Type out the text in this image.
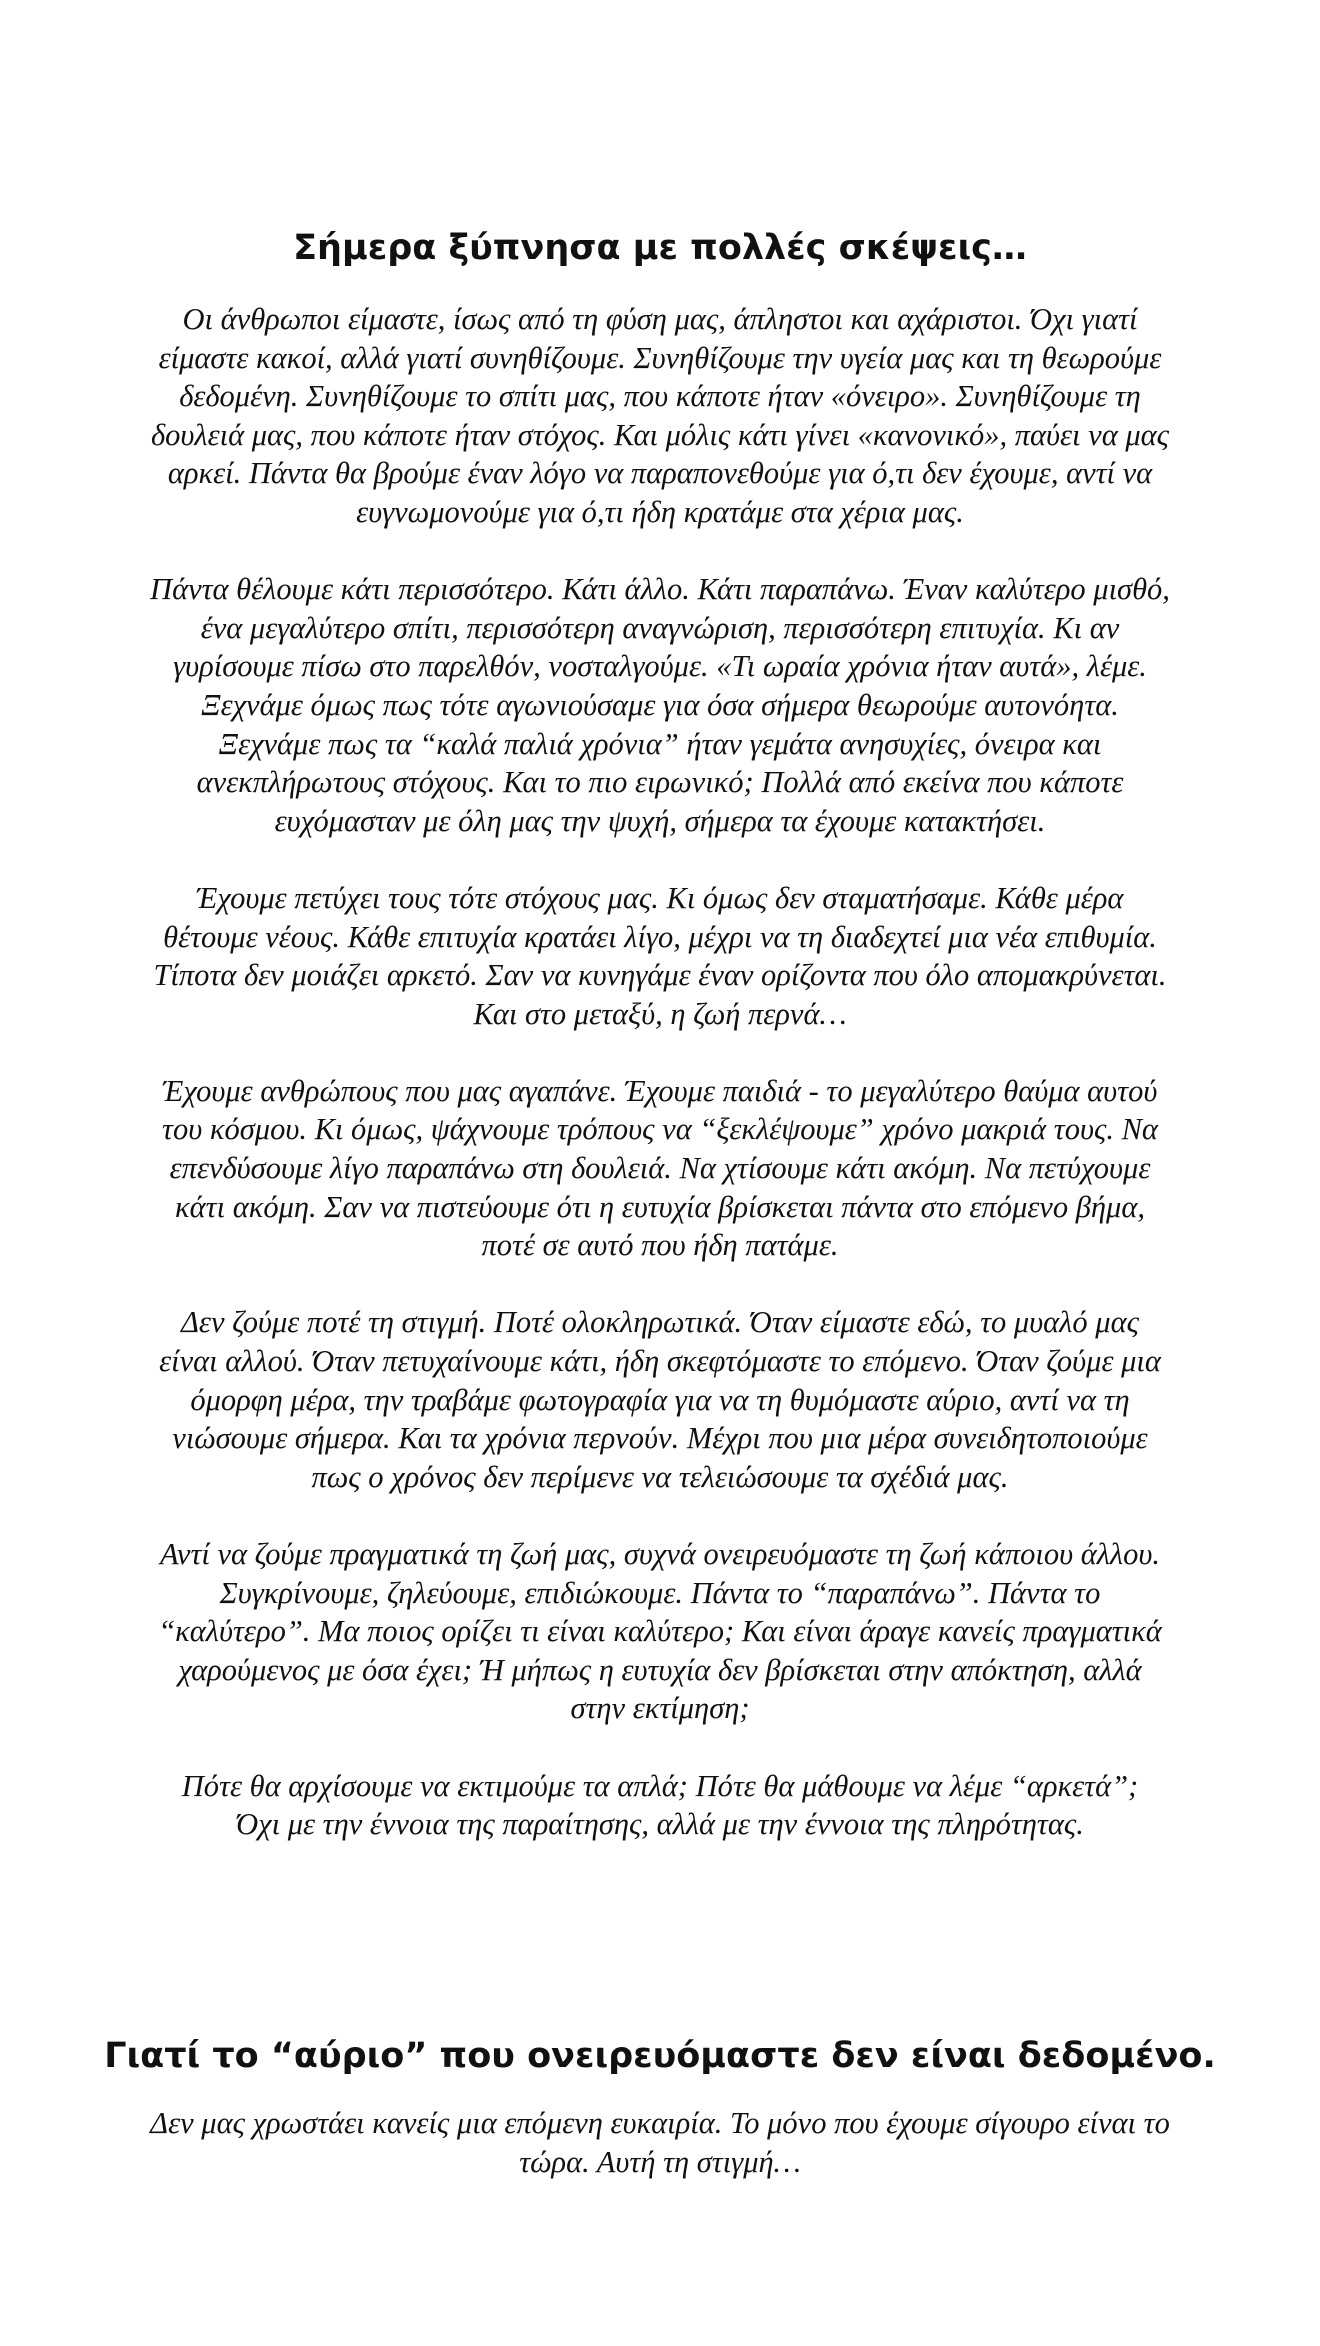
Σήμερα ξύπνησα με πολλές σκέψεις…

Οι άνθρωποι είμαστε, ίσως από τη φύση μας, άπληστοι και αχάριστοι. Όχι γιατί είμαστε κακοί, αλλά γιατί συνηθίζουμε. Συνηθίζουμε την υγεία μας και τη θεωρούμε δεδομένη. Συνηθίζουμε το σπίτι μας, που κάποτε ήταν «όνειρο». Συνηθίζουμε τη δουλειά μας, που κάποτε ήταν στόχος. Και μόλις κάτι γίνει «κανονικό», παύει να μας αρκεί. Πάντα θα βρούμε έναν λόγο να παραπονεθούμε για ό,τι δεν έχουμε, αντί να ευγνωμονούμε για ό,τι ήδη κρατάμε στα χέρια μας.

Πάντα θέλουμε κάτι περισσότερο. Κάτι άλλο. Κάτι παραπάνω. Έναν καλύτερο μισθό, ένα μεγαλύτερο σπίτι, περισσότερη αναγνώριση, περισσότερη επιτυχία. Κι αν γυρίσουμε πίσω στο παρελθόν, νοσταλγούμε. «Τι ωραία χρόνια ήταν αυτά», λέμε. Ξεχνάμε όμως πως τότε αγωνιούσαμε για όσα σήμερα θεωρούμε αυτονόητα. Ξεχνάμε πως τα “καλά παλιά χρόνια” ήταν γεμάτα ανησυχίες, όνειρα και ανεκπλήρωτους στόχους. Και το πιο ειρωνικό; Πολλά από εκείνα που κάποτε ευχόμασταν με όλη μας την ψυχή, σήμερα τα έχουμε κατακτήσει.

Έχουμε πετύχει τους τότε στόχους μας. Κι όμως δεν σταματήσαμε. Κάθε μέρα θέτουμε νέους. Κάθε επιτυχία κρατάει λίγο, μέχρι να τη διαδεχτεί μια νέα επιθυμία. Τίποτα δεν μοιάζει αρκετό. Σαν να κυνηγάμε έναν ορίζοντα που όλο απομακρύνεται. Και στο μεταξύ, η ζωή περνά…

Έχουμε ανθρώπους που μας αγαπάνε. Έχουμε παιδιά - το μεγαλύτερο θαύμα αυτού του κόσμου. Κι όμως, ψάχνουμε τρόπους να “ξεκλέψουμε” χρόνο μακριά τους. Να επενδύσουμε λίγο παραπάνω στη δουλειά. Να χτίσουμε κάτι ακόμη. Να πετύχουμε κάτι ακόμη. Σαν να πιστεύουμε ότι η ευτυχία βρίσκεται πάντα στο επόμενο βήμα, ποτέ σε αυτό που ήδη πατάμε.

Δεν ζούμε ποτέ τη στιγμή. Ποτέ ολοκληρωτικά. Όταν είμαστε εδώ, το μυαλό μας είναι αλλού. Όταν πετυχαίνουμε κάτι, ήδη σκεφτόμαστε το επόμενο. Όταν ζούμε μια όμορφη μέρα, την τραβάμε φωτογραφία για να τη θυμόμαστε αύριο, αντί να τη νιώσουμε σήμερα. Και τα χρόνια περνούν. Μέχρι που μια μέρα συνειδητοποιούμε πως ο χρόνος δεν περίμενε να τελειώσουμε τα σχέδιά μας.

Αντί να ζούμε πραγματικά τη ζωή μας, συχνά ονειρευόμαστε τη ζωή κάποιου άλλου. Συγκρίνουμε, ζηλεύουμε, επιδιώκουμε. Πάντα το “παραπάνω”. Πάντα το “καλύτερο”. Μα ποιος ορίζει τι είναι καλύτερο; Και είναι άραγε κανείς πραγματικά χαρούμενος με όσα έχει; Ή μήπως η ευτυχία δεν βρίσκεται στην απόκτηση, αλλά στην εκτίμηση;

Πότε θα αρχίσουμε να εκτιμούμε τα απλά; Πότε θα μάθουμε να λέμε “αρκετά”;
Όχι με την έννοια της παραίτησης, αλλά με την έννοια της πληρότητας.
Γιατί το “αύριο” που ονειρευόμαστε δεν είναι δεδομένο.

Δεν μας χρωστάει κανείς μια επόμενη ευκαιρία. Το μόνο που έχουμε σίγουρο είναι το τώρα. Αυτή τη στιγμή…
